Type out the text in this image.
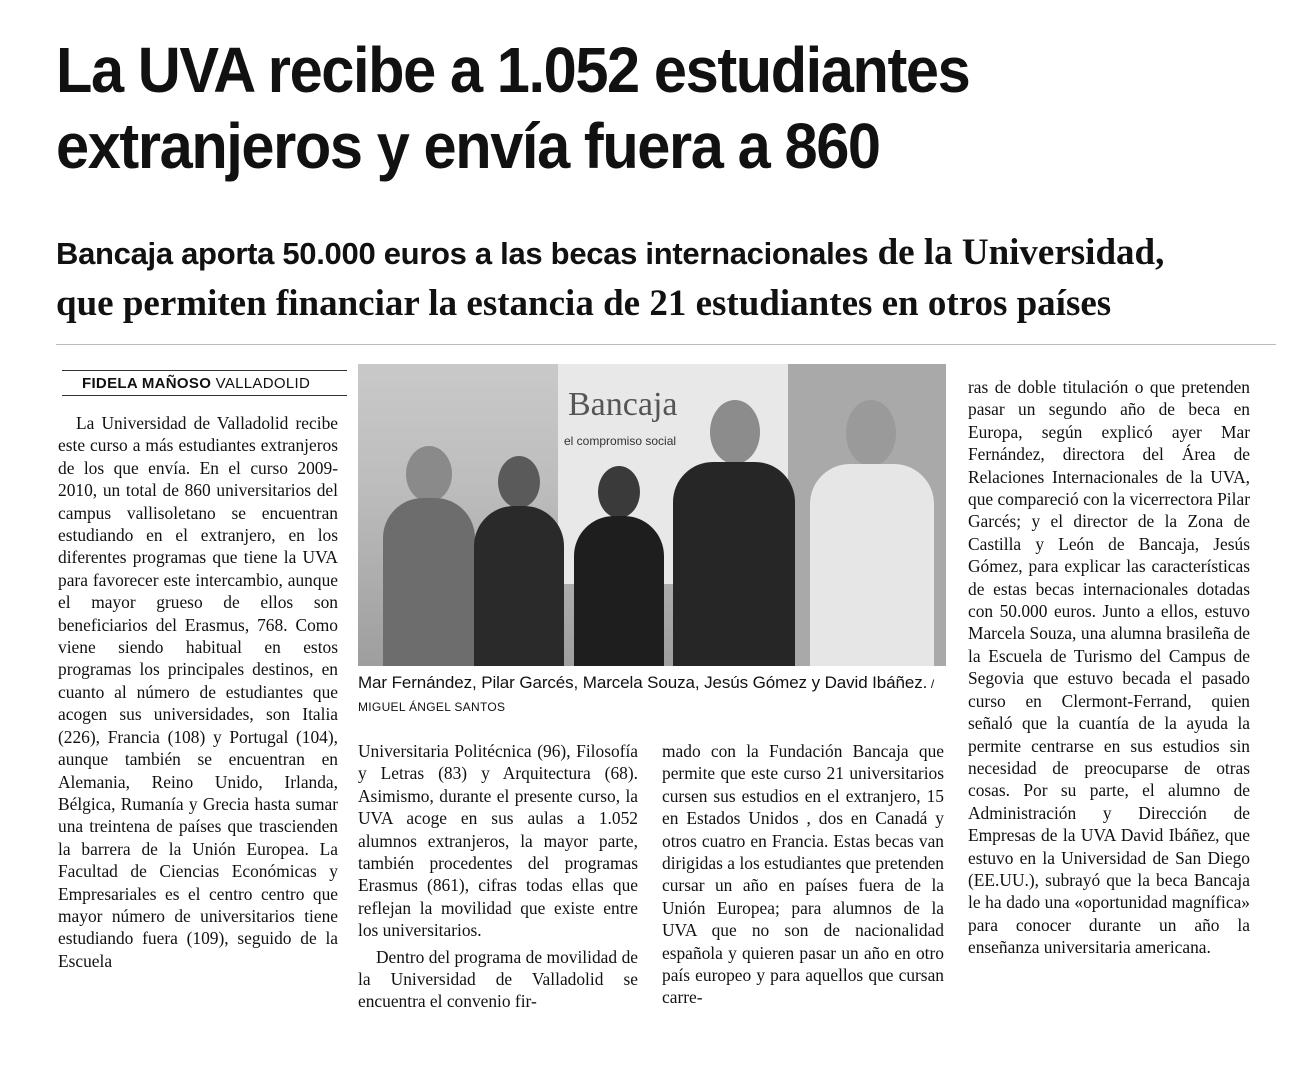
La UVA recibe a 1.052 estudiantes
extranjeros y envía fuera a 860
Bancaja aporta 50.000 euros a las becas internacionales de la Universidad,
que permiten financiar la estancia de 21 estudiantes en otros países
FIDELA MAÑOSO VALLADOLID

La Universidad de Valladolid recibe este curso a más estudiantes extranjeros de los que envía. En el curso 2009-2010, un total de 860 universitarios del campus vallisoletano se encuentran estudiando en el extranjero, en los diferentes programas que tiene la UVA para favorecer este intercambio, aunque el mayor grueso de ellos son beneficiarios del Erasmus, 768. Como viene siendo habitual en estos programas los principales destinos, en cuanto al número de estudiantes que acogen sus universidades, son Italia (226), Francia (108) y Portugal (104), aunque también se encuentran en Alemania, Reino Unido, Irlanda, Bélgica, Rumanía y Grecia hasta sumar una treintena de países que trascienden la barrera de la Unión Europea. La Facultad de Ciencias Económicas y Empresariales es el centro centro que mayor número de universitarios tiene estudiando fuera (109), seguido de la Escuela

Bancaja
el compromiso social

Mar Fernández, Pilar Garcés, Marcela Souza, Jesús Gómez y David Ibáñez. / MIGUEL ÁNGEL SANTOS

Universitaria Politécnica (96), Filosofía y Letras (83) y Arquitectura (68). Asimismo, durante el presente curso, la UVA acoge en sus aulas a 1.052 alumnos extranjeros, la mayor parte, también procedentes del programas Erasmus (861), cifras todas ellas que reflejan la movilidad que existe entre los universitarios.

Dentro del programa de movilidad de la Universidad de Valladolid se encuentra el convenio fir-

mado con la Fundación Bancaja que permite que este curso 21 universitarios cursen sus estudios en el extranjero, 15 en Estados Unidos , dos en Canadá y otros cuatro en Francia. Estas becas van dirigidas a los estudiantes que pretenden cursar un año en países fuera de la Unión Europea; para alumnos de la UVA que no son de nacionalidad española y quieren pasar un año en otro país europeo y para aquellos que cursan carre-

ras de doble titulación o que pretenden pasar un segundo año de beca en Europa, según explicó ayer Mar Fernández, directora del Área de Relaciones Internacionales de la UVA, que compareció con la vicerrectora Pilar Garcés; y el director de la Zona de Castilla y León de Bancaja, Jesús Gómez, para explicar las características de estas becas internacionales dotadas con 50.000 euros. Junto a ellos, estuvo Marcela Souza, una alumna brasileña de la Escuela de Turismo del Campus de Segovia que estuvo becada el pasado curso en Clermont-Ferrand, quien señaló que la cuantía de la ayuda la permite centrarse en sus estudios sin necesidad de preocuparse de otras cosas. Por su parte, el alumno de Administración y Dirección de Empresas de la UVA David Ibáñez, que estuvo en la Universidad de San Diego (EE.UU.), subrayó que la beca Bancaja le ha dado una «oportunidad magnífica» para conocer durante un año la enseñanza universitaria americana.
